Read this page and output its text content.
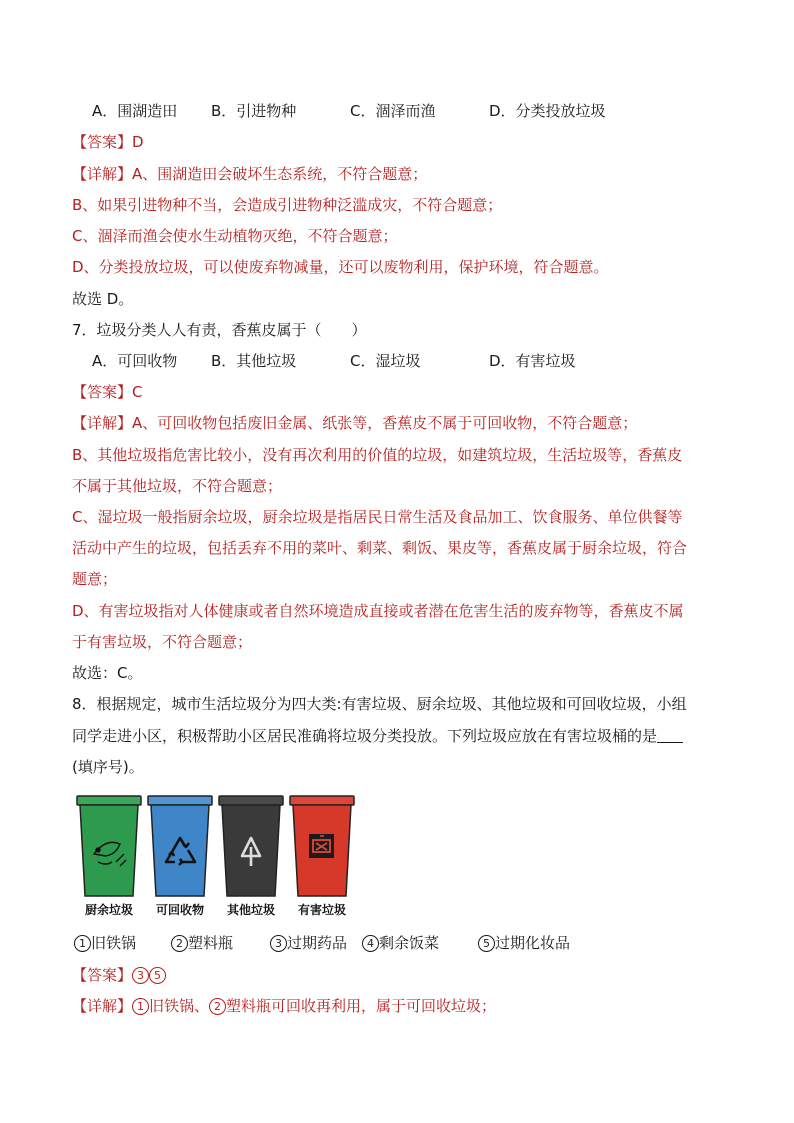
A．围湖造田 B．引进物种	C．涸泽而渔	D．分类投放垃圾
【答案】D
【详解】A、围湖造田会破坏生态系统，不符合题意；
B、如果引进物种不当，会造成引进物种泛滥成灾，不符合题意；
C、涸泽而渔会使水生动植物灭绝，不符合题意；
D、分类投放垃圾，可以使废弃物减量，还可以废物利用，保护环境，符合题意。
故选 D。
7．垃圾分类人人有责，香蕉皮属于（　　）
A．可回收物 B．其他垃圾	C．湿垃圾	D．有害垃圾
【答案】C
【详解】A、可回收物包括废旧金属、纸张等，香蕉皮不属于可回收物，不符合题意；
B、其他垃圾指危害比较小，没有再次利用的价值的垃圾，如建筑垃圾，生活垃圾等，香蕉皮
不属于其他垃圾，不符合题意；
C、湿垃圾一般指厨余垃圾，厨余垃圾是指居民日常生活及食品加工、饮食服务、单位供餐等
活动中产生的垃圾，包括丢弃不用的菜叶、剩菜、剩饭、果皮等，香蕉皮属于厨余垃圾，符合
题意；
D、有害垃圾指对人体健康或者自然环境造成直接或者潜在危害生活的废弃物等，香蕉皮不属
于有害垃圾，不符合题意；
故选：C。
8．根据规定，城市生活垃圾分为四大类:有害垃圾、厨余垃圾、其他垃圾和可回收垃圾，小组
同学走进小区，积极帮助小区居民准确将垃圾分类投放。下列垃圾应放在有害垃圾桶的是
(填序号)。
厨余垃圾 可回收物 其他垃圾 有害垃圾
1 旧铁锅	2 塑料瓶	3 过期药品	4 剩余饭菜	5 过期化妆品
【答案】 3 5
【详解】 1 旧铁锅、 2 塑料瓶可回收再利用，属于可回收垃圾；
